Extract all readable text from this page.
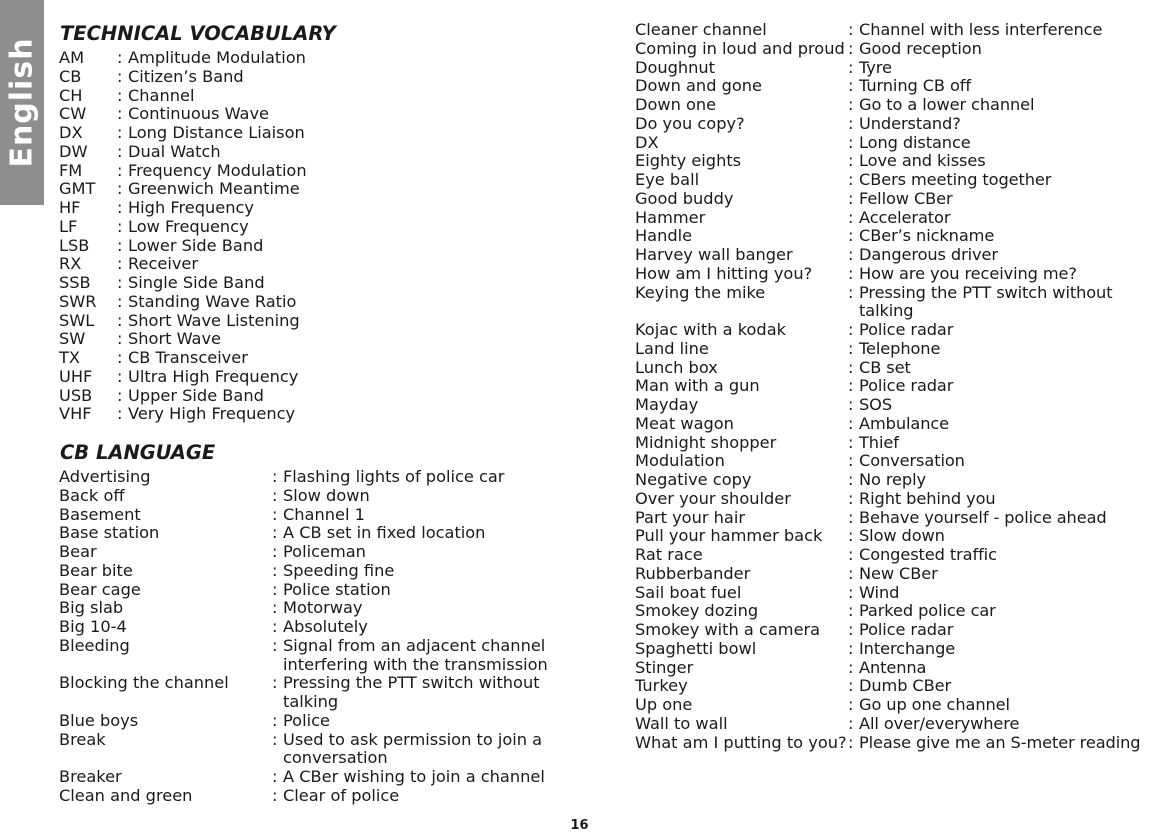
English
TECHNICAL VOCABULARY
AM	: Amplitude Modulation
CB	: Citizen’s Band
CH	: Channel
CW	: Continuous Wave
DX	: Long Distance Liaison
DW	: Dual Watch
FM	: Frequency Modulation
GMT	: Greenwich Meantime
HF	: High Frequency
LF	: Low Frequency
LSB	: Lower Side Band
RX	: Receiver
SSB	: Single Side Band
SWR	: Standing Wave Ratio
SWL	: Short Wave Listening
SW	: Short Wave
TX	: CB Transceiver
UHF	: Ultra High Frequency
USB	: Upper Side Band
VHF	: Very High Frequency
CB LANGUAGE
Advertising	: Flashing lights of police car
Back off	: Slow down
Basement	: Channel 1
Base station	: A CB set in fixed location
Bear	: Policeman
Bear bite	: Speeding fine
Bear cage	: Police station
Big slab	: Motorway
Big 10-4	: Absolutely
Bleeding	: Signal from an adjacent channel interfering with the transmission
Blocking the channel	: Pressing the PTT switch without talking
Blue boys	: Police
Break	: Used to ask permission to join a conversation
Breaker	: A CBer wishing to join a channel
Clean and green	: Clear of police
Cleaner channel	: Channel with less interference
Coming in loud and proud : Good reception
Doughnut	: Tyre
Down and gone	: Turning CB off
Down one	: Go to a lower channel
Do you copy?	: Understand?
DX	: Long distance
Eighty eights	: Love and kisses
Eye ball	: CBers meeting together
Good buddy	: Fellow CBer
Hammer	: Accelerator
Handle	: CBer’s nickname
Harvey wall banger	: Dangerous driver
How am I hitting you?	: How are you receiving me?
Keying the mike	: Pressing the PTT switch without talking
Kojac with a kodak	: Police radar
Land line	: Telephone
Lunch box	: CB set
Man with a gun	: Police radar
Mayday	: SOS
Meat wagon	: Ambulance
Midnight shopper	: Thief
Modulation	: Conversation
Negative copy	: No reply
Over your shoulder	: Right behind you
Part your hair	: Behave yourself - police ahead
Pull your hammer back	: Slow down
Rat race	: Congested traffic
Rubberbander	: New CBer
Sail boat fuel	: Wind
Smokey dozing	: Parked police car
Smokey with a camera	: Police radar
Spaghetti bowl	: Interchange
Stinger	: Antenna
Turkey	: Dumb CBer
Up one	: Go up one channel
Wall to wall	: All over/everywhere
What am I putting to you? : Please give me an S-meter reading

16
